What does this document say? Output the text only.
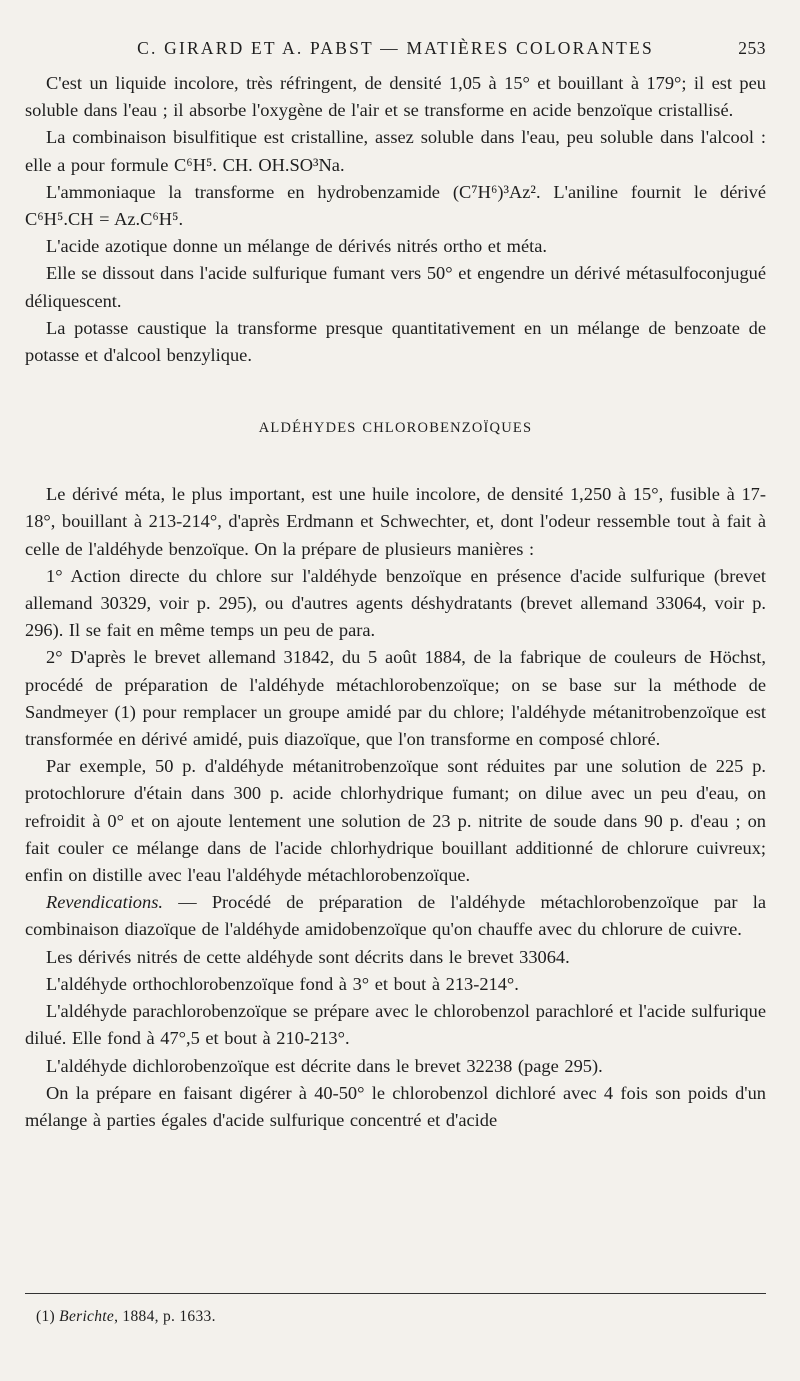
C. GIRARD ET A. PABST — MATIÈRES COLORANTES	253

C'est un liquide incolore, très réfringent, de densité 1,05 à 15° et bouillant à 179°; il est peu soluble dans l'eau ; il absorbe l'oxygène de l'air et se transforme en acide benzoïque cristallisé.

La combinaison bisulfitique est cristalline, assez soluble dans l'eau, peu soluble dans l'alcool : elle a pour formule C⁶H⁵. CH. OH.SO³Na.

L'ammoniaque la transforme en hydrobenzamide (C⁷H⁶)³Az². L'aniline fournit le dérivé C⁶H⁵.CH = Az.C⁶H⁵.

L'acide azotique donne un mélange de dérivés nitrés ortho et méta.

Elle se dissout dans l'acide sulfurique fumant vers 50° et engendre un dérivé métasulfoconjugué déliquescent.

La potasse caustique la transforme presque quantitativement en un mélange de benzoate de potasse et d'alcool benzylique.

ALDÉHYDES CHLOROBENZOÏQUES

Le dérivé méta, le plus important, est une huile incolore, de densité 1,250 à 15°, fusible à 17-18°, bouillant à 213-214°, d'après Erdmann et Schwechter, et, dont l'odeur ressemble tout à fait à celle de l'aldéhyde benzoïque. On la prépare de plusieurs manières :

1° Action directe du chlore sur l'aldéhyde benzoïque en présence d'acide sulfurique (brevet allemand 30329, voir p. 295), ou d'autres agents déshydratants (brevet allemand 33064, voir p. 296). Il se fait en même temps un peu de para.

2° D'après le brevet allemand 31842, du 5 août 1884, de la fabrique de couleurs de Höchst, procédé de préparation de l'aldéhyde métachlorobenzoïque; on se base sur la méthode de Sandmeyer (1) pour remplacer un groupe amidé par du chlore; l'aldéhyde métanitrobenzoïque est transformée en dérivé amidé, puis diazoïque, que l'on transforme en composé chloré.

Par exemple, 50 p. d'aldéhyde métanitrobenzoïque sont réduites par une solution de 225 p. protochlorure d'étain dans 300 p. acide chlorhydrique fumant; on dilue avec un peu d'eau, on refroidit à 0° et on ajoute lentement une solution de 23 p. nitrite de soude dans 90 p. d'eau ; on fait couler ce mélange dans de l'acide chlorhydrique bouillant additionné de chlorure cuivreux; enfin on distille avec l'eau l'aldéhyde métachlorobenzoïque.

Revendications. — Procédé de préparation de l'aldéhyde métachlorobenzoïque par la combinaison diazoïque de l'aldéhyde amidobenzoïque qu'on chauffe avec du chlorure de cuivre.

Les dérivés nitrés de cette aldéhyde sont décrits dans le brevet 33064.

L'aldéhyde orthochlorobenzoïque fond à 3° et bout à 213-214°.

L'aldéhyde parachlorobenzoïque se prépare avec le chlorobenzol parachloré et l'acide sulfurique dilué. Elle fond à 47°,5 et bout à 210-213°.

L'aldéhyde dichlorobenzoïque est décrite dans le brevet 32238 (page 295).

On la prépare en faisant digérer à 40-50° le chlorobenzol dichloré avec 4 fois son poids d'un mélange à parties égales d'acide sulfurique concentré et d'acide

(1) Berichte, 1884, p. 1633.
